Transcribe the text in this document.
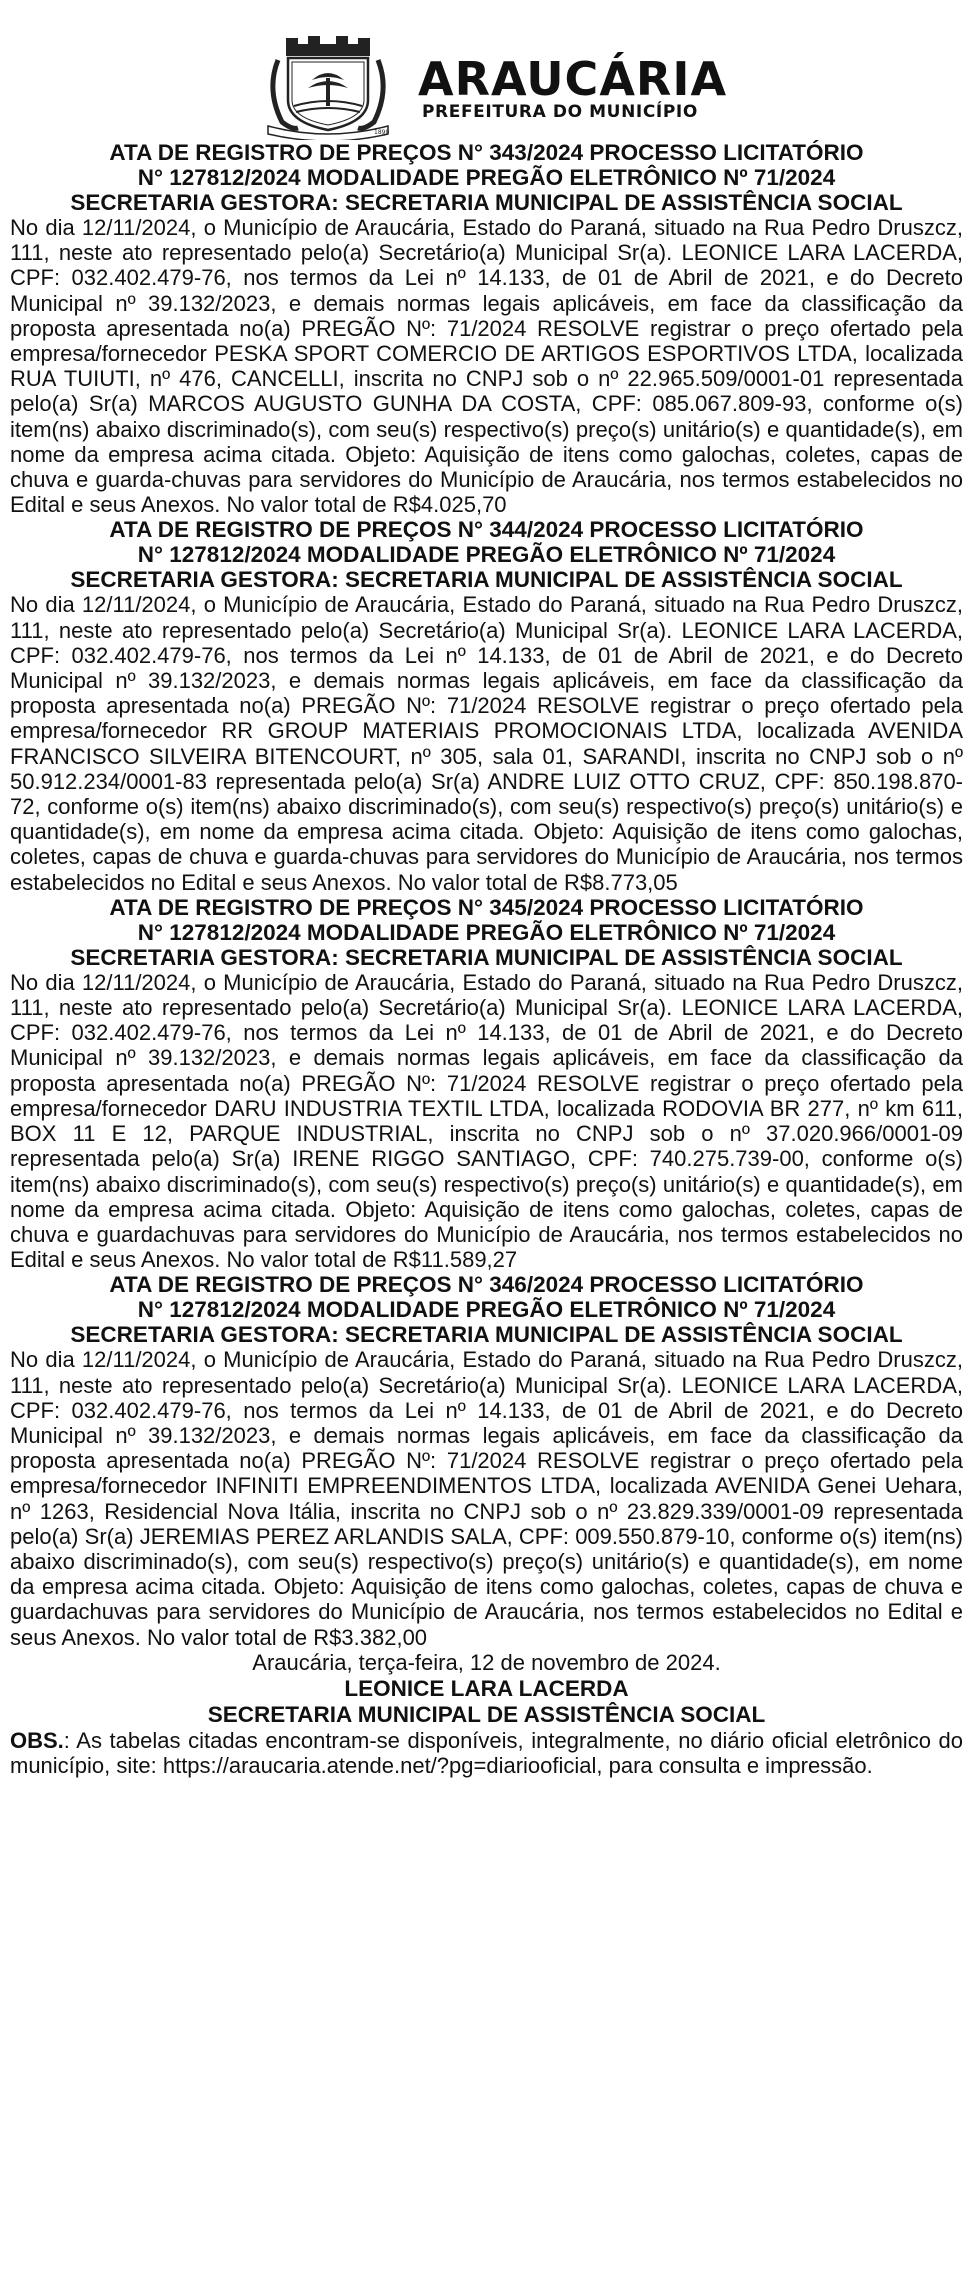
1890
ARAUCÁRIA
PREFEITURA DO MUNICÍPIO

ATA DE REGISTRO DE PREÇOS N° 343/2024 PROCESSO LICITATÓRIO

N° 127812/2024 MODALIDADE PREGÃO ELETRÔNICO Nº 71/2024

SECRETARIA GESTORA: SECRETARIA MUNICIPAL DE ASSISTÊNCIA SOCIAL

No dia 12/11/2024, o Município de Araucária, Estado do Paraná, situado na Rua Pedro Druszcz, 111, neste ato representado pelo(a) Secretário(a) Municipal Sr(a). LEONICE LARA LACERDA, CPF: 032.402.479-76, nos termos da Lei nº 14.133, de 01 de Abril de 2021, e do Decreto Municipal nº 39.132/2023, e demais normas legais aplicáveis, em face da classificação da proposta apresentada no(a) PREGÃO Nº: 71/2024 RESOLVE registrar o preço ofertado pela empresa/fornecedor PESKA SPORT COMERCIO DE ARTIGOS ESPORTIVOS LTDA, localizada RUA TUIUTI, nº 476, CANCELLI, inscrita no CNPJ sob o nº 22.965.509/0001-01 representada pelo(a) Sr(a) MARCOS AUGUSTO GUNHA DA COSTA, CPF: 085.067.809-93, conforme o(s) item(ns) abaixo discriminado(s), com seu(s) respectivo(s) preço(s) unitário(s) e quantidade(s), em nome da empresa acima citada. Objeto: Aquisição de itens como galochas, coletes, capas de chuva e guarda-chuvas para servidores do Município de Araucária, nos termos estabelecidos no Edital e seus Anexos. No valor total de R$4.025,70

ATA DE REGISTRO DE PREÇOS N° 344/2024 PROCESSO LICITATÓRIO

N° 127812/2024 MODALIDADE PREGÃO ELETRÔNICO Nº 71/2024

SECRETARIA GESTORA: SECRETARIA MUNICIPAL DE ASSISTÊNCIA SOCIAL

No dia 12/11/2024, o Município de Araucária, Estado do Paraná, situado na Rua Pedro Druszcz, 111, neste ato representado pelo(a) Secretário(a) Municipal Sr(a). LEONICE LARA LACERDA, CPF: 032.402.479-76, nos termos da Lei nº 14.133, de 01 de Abril de 2021, e do Decreto Municipal nº 39.132/2023, e demais normas legais aplicáveis, em face da classificação da proposta apresentada no(a) PREGÃO Nº: 71/2024 RESOLVE registrar o preço ofertado pela empresa/fornecedor RR GROUP MATERIAIS PROMOCIONAIS LTDA, localizada AVENIDA FRANCISCO SILVEIRA BITENCOURT, nº 305, sala 01, SARANDI, inscrita no CNPJ sob o nº 50.912.234/0001-83 representada pelo(a) Sr(a) ANDRE LUIZ OTTO CRUZ, CPF: 850.198.870-72, conforme o(s) item(ns) abaixo discriminado(s), com seu(s) respectivo(s) preço(s) unitário(s) e quantidade(s), em nome da empresa acima citada. Objeto: Aquisição de itens como galochas, coletes, capas de chuva e guarda-chuvas para servidores do Município de Araucária, nos termos estabelecidos no Edital e seus Anexos. No valor total de R$8.773,05

ATA DE REGISTRO DE PREÇOS N° 345/2024 PROCESSO LICITATÓRIO

N° 127812/2024 MODALIDADE PREGÃO ELETRÔNICO Nº 71/2024

SECRETARIA GESTORA: SECRETARIA MUNICIPAL DE ASSISTÊNCIA SOCIAL

No dia 12/11/2024, o Município de Araucária, Estado do Paraná, situado na Rua Pedro Druszcz, 111, neste ato representado pelo(a) Secretário(a) Municipal Sr(a). LEONICE LARA LACERDA, CPF: 032.402.479-76, nos termos da Lei nº 14.133, de 01 de Abril de 2021, e do Decreto Municipal nº 39.132/2023, e demais normas legais aplicáveis, em face da classificação da proposta apresentada no(a) PREGÃO Nº: 71/2024 RESOLVE registrar o preço ofertado pela empresa/fornecedor DARU INDUSTRIA TEXTIL LTDA, localizada RODOVIA BR 277, nº km 611, BOX 11 E 12, PARQUE INDUSTRIAL, inscrita no CNPJ sob o nº 37.020.966/0001-09 representada pelo(a) Sr(a) IRENE RIGGO SANTIAGO, CPF: 740.275.739-00, conforme o(s) item(ns) abaixo discriminado(s), com seu(s) respectivo(s) preço(s) unitário(s) e quantidade(s), em nome da empresa acima citada. Objeto: Aquisição de itens como galochas, coletes, capas de chuva e guardachuvas para servidores do Município de Araucária, nos termos estabelecidos no Edital e seus Anexos. No valor total de R$11.589,27

ATA DE REGISTRO DE PREÇOS N° 346/2024 PROCESSO LICITATÓRIO

N° 127812/2024 MODALIDADE PREGÃO ELETRÔNICO Nº 71/2024

SECRETARIA GESTORA: SECRETARIA MUNICIPAL DE ASSISTÊNCIA SOCIAL

No dia 12/11/2024, o Município de Araucária, Estado do Paraná, situado na Rua Pedro Druszcz, 111, neste ato representado pelo(a) Secretário(a) Municipal Sr(a). LEONICE LARA LACERDA, CPF: 032.402.479-76, nos termos da Lei nº 14.133, de 01 de Abril de 2021, e do Decreto Municipal nº 39.132/2023, e demais normas legais aplicáveis, em face da classificação da proposta apresentada no(a) PREGÃO Nº: 71/2024 RESOLVE registrar o preço ofertado pela empresa/fornecedor INFINITI EMPREENDIMENTOS LTDA, localizada AVENIDA Genei Uehara, nº 1263, Residencial Nova Itália, inscrita no CNPJ sob o nº 23.829.339/0001-09 representada pelo(a) Sr(a) JEREMIAS PEREZ ARLANDIS SALA, CPF: 009.550.879-10, conforme o(s) item(ns) abaixo discriminado(s), com seu(s) respectivo(s) preço(s) unitário(s) e quantidade(s), em nome da empresa acima citada. Objeto: Aquisição de itens como galochas, coletes, capas de chuva e guardachuvas para servidores do Município de Araucária, nos termos estabelecidos no Edital e seus Anexos. No valor total de R$3.382,00

Araucária, terça-feira, 12 de novembro de 2024.

LEONICE LARA LACERDA

SECRETARIA MUNICIPAL DE ASSISTÊNCIA SOCIAL

OBS.: As tabelas citadas encontram-se disponíveis, integralmente, no diário oficial eletrônico do município, site: https://araucaria.atende.net/?pg=diariooficial, para consulta e impressão.
